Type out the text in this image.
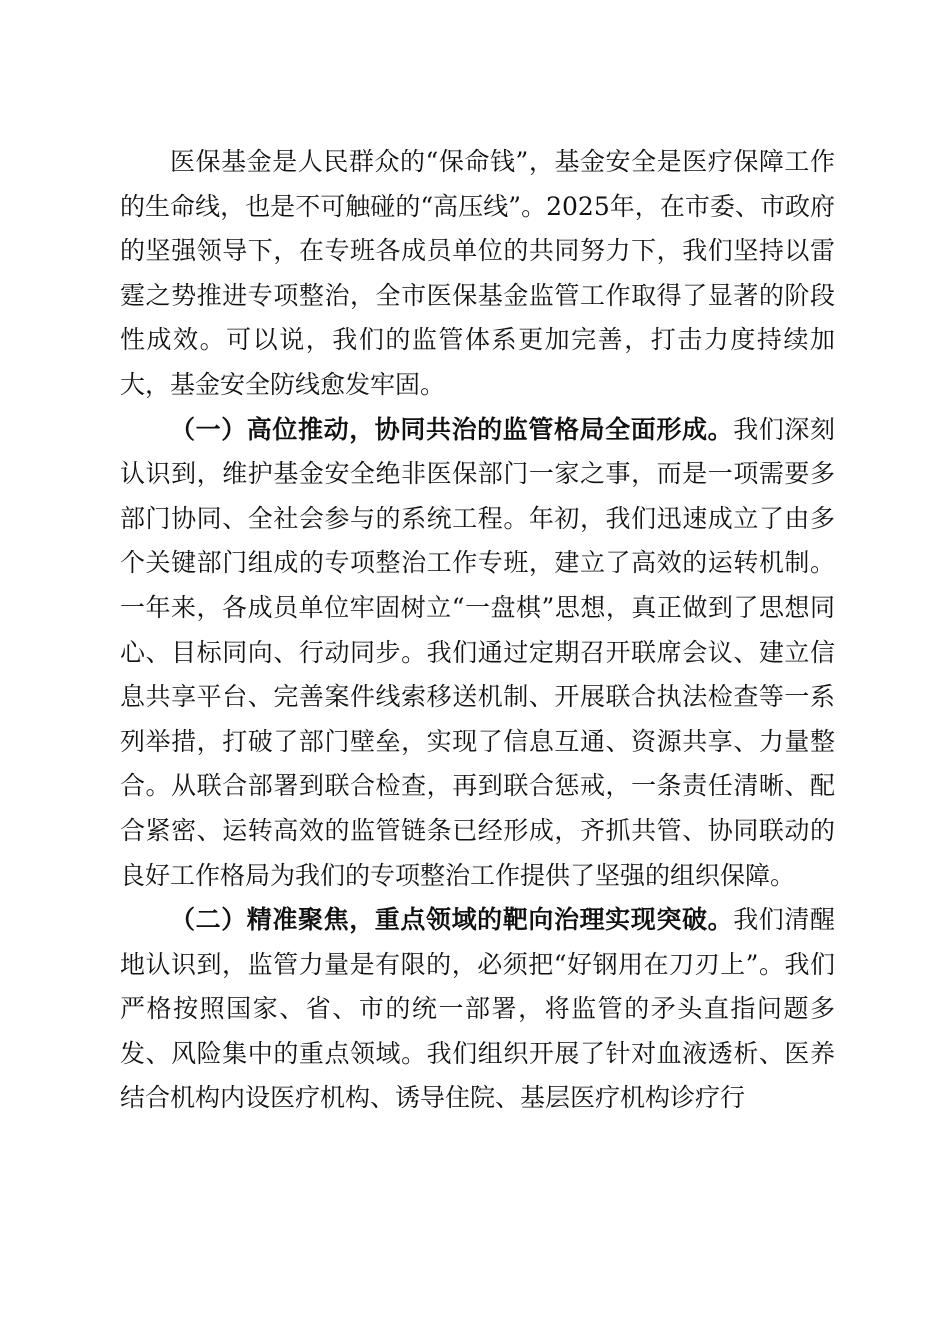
医保基金是人民群众的“保命钱”，基金安全是医疗保障工作的生命线，也是不可触碰的“高压线”。2025年，在市委、市政府的坚强领导下，在专班各成员单位的共同努力下，我们坚持以雷霆之势推进专项整治，全市医保基金监管工作取得了显著的阶段性成效。可以说，我们的监管体系更加完善，打击力度持续加大，基金安全防线愈发牢固。

（一）高位推动，协同共治的监管格局全面形成。我们深刻认识到，维护基金安全绝非医保部门一家之事，而是一项需要多部门协同、全社会参与的系统工程。年初，我们迅速成立了由多个关键部门组成的专项整治工作专班，建立了高效的运转机制。一年来，各成员单位牢固树立“一盘棋”思想，真正做到了思想同心、目标同向、行动同步。我们通过定期召开联席会议、建立信息共享平台、完善案件线索移送机制、开展联合执法检查等一系列举措，打破了部门壁垒，实现了信息互通、资源共享、力量整合。从联合部署到联合检查，再到联合惩戒，一条责任清晰、配合紧密、运转高效的监管链条已经形成，齐抓共管、协同联动的良好工作格局为我们的专项整治工作提供了坚强的组织保障。

（二）精准聚焦，重点领域的靶向治理实现突破。我们清醒地认识到，监管力量是有限的，必须把“好钢用在刀刃上”。我们严格按照国家、省、市的统一部署，将监管的矛头直指问题多发、风险集中的重点领域。我们组织开展了针对血液透析、医养结合机构内设医疗机构、诱导住院、基层医疗机构诊疗行
